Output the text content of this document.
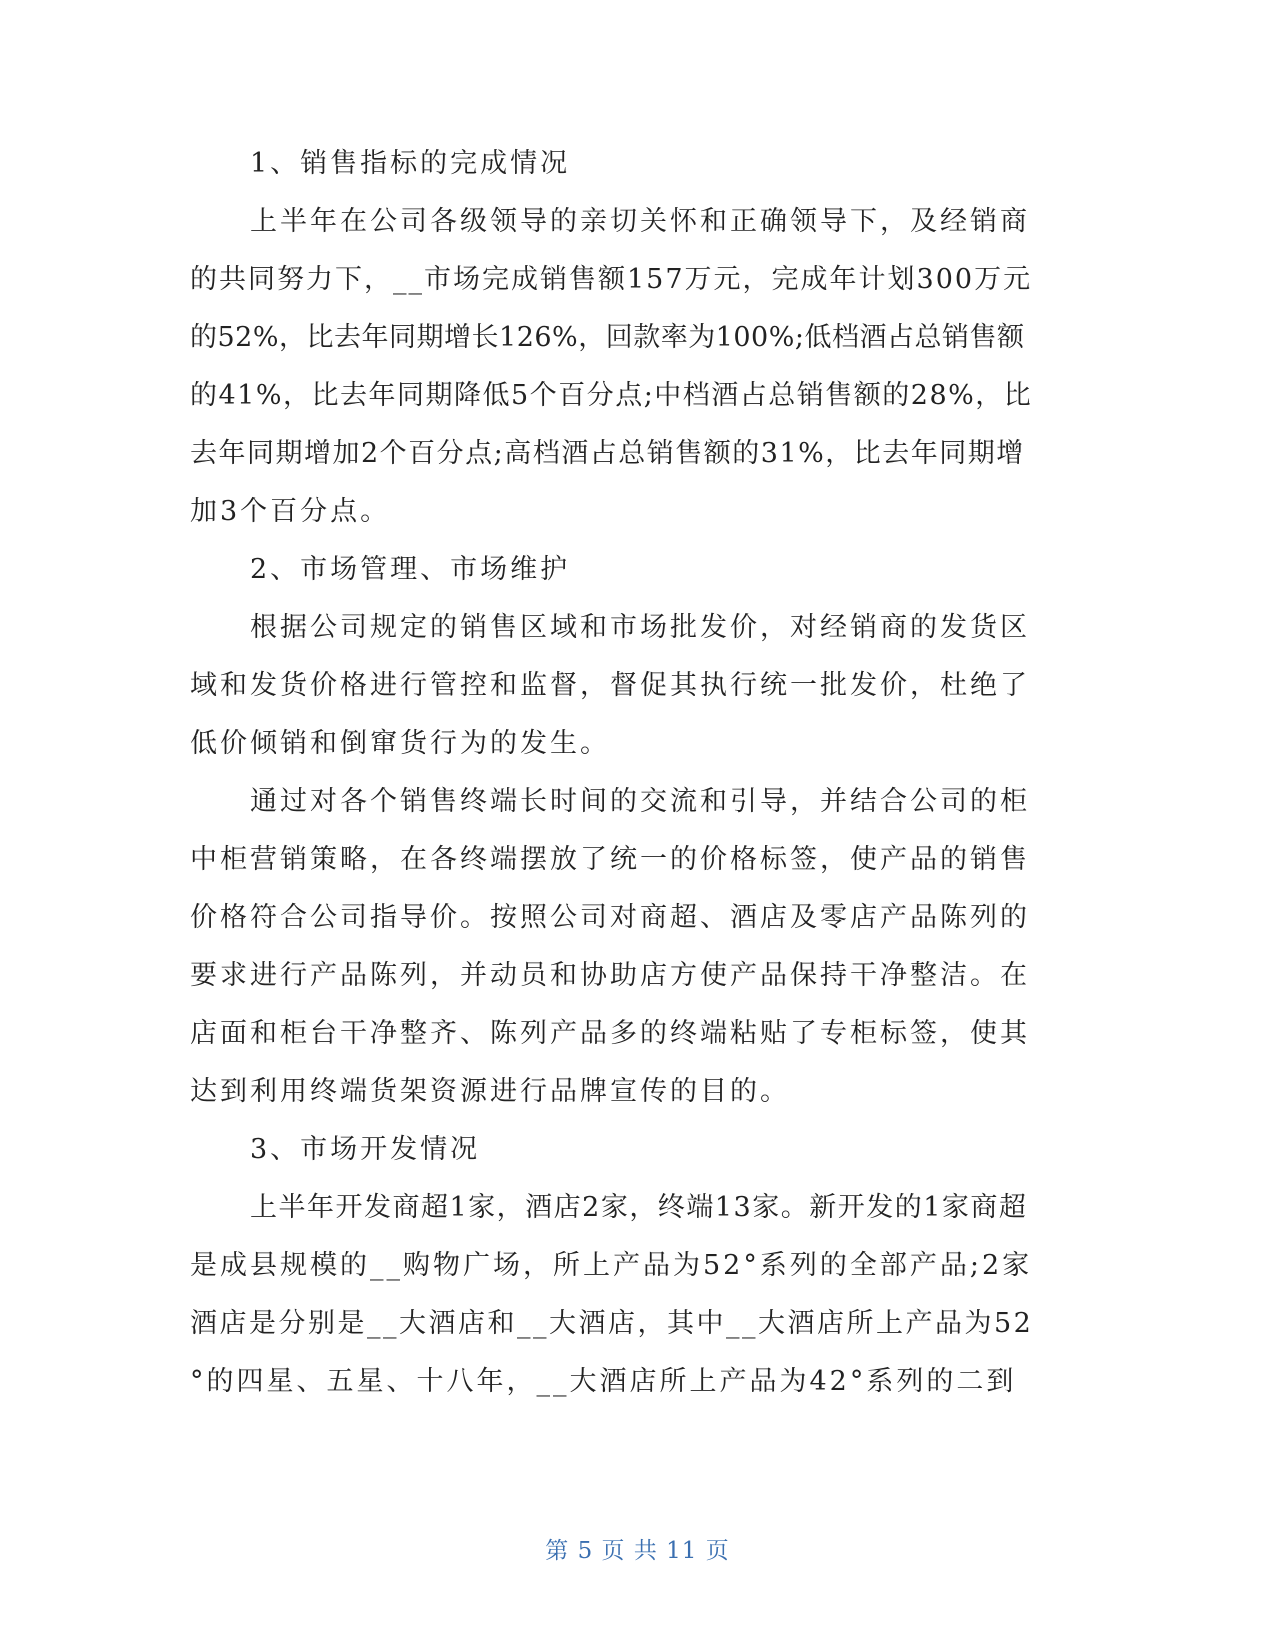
1、销售指标的完成情况
上半年在公司各级领导的亲切关怀和正确领导下，及经销商
的共同努力下，__市场完成销售额157万元，完成年计划300万元
的52%，比去年同期增长126%，回款率为100%;低档酒占总销售额
的41%，比去年同期降低5个百分点;中档酒占总销售额的28%，比
去年同期增加2个百分点;高档酒占总销售额的31%，比去年同期增
加3个百分点。
2、市场管理、市场维护
根据公司规定的销售区域和市场批发价，对经销商的发货区
域和发货价格进行管控和监督，督促其执行统一批发价，杜绝了
低价倾销和倒窜货行为的发生。
通过对各个销售终端长时间的交流和引导，并结合公司的柜
中柜营销策略，在各终端摆放了统一的价格标签，使产品的销售
价格符合公司指导价。按照公司对商超、酒店及零店产品陈列的
要求进行产品陈列，并动员和协助店方使产品保持干净整洁。在
店面和柜台干净整齐、陈列产品多的终端粘贴了专柜标签，使其
达到利用终端货架资源进行品牌宣传的目的。
3、市场开发情况
上半年开发商超1家，酒店2家，终端13家。新开发的1家商超
是成县规模的__购物广场，所上产品为52°系列的全部产品;2家
酒店是分别是__大酒店和__大酒店，其中__大酒店所上产品为52
°的四星、五星、十八年，__大酒店所上产品为42°系列的二到
第 5 页 共 11 页
